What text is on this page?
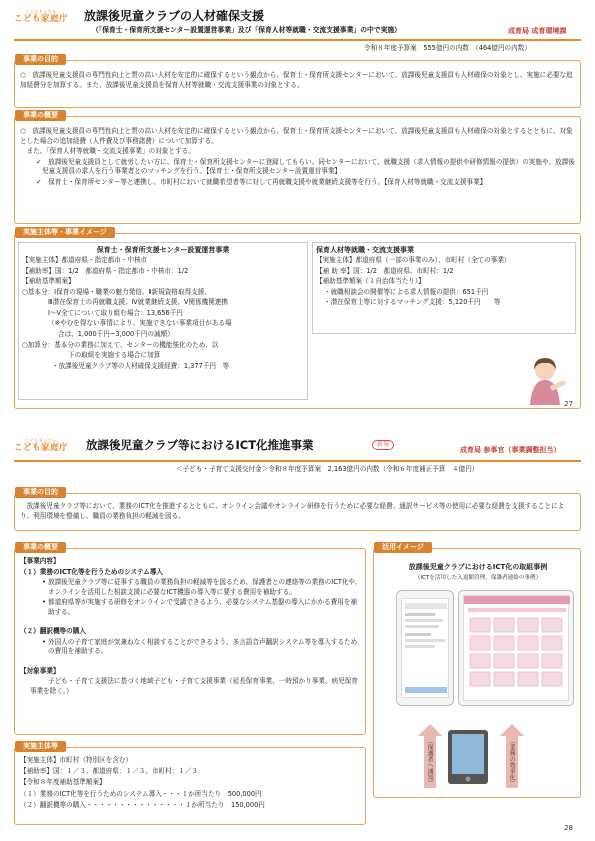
こどもまんなか
こども家庭庁 放課後児童クラブの人材確保支援
（「保育士・保育所支援センター設置運営事業」及び「保育人材等就職・交流支援事業」の中で実施）	成育局 成育環境課
令和８年度予算案　555億円の内数　（464億円の内数）
事業の目的
○　放課後児童支援員の専門性向上と質の高い人材を安定的に確保するという観点から、保育士・保育所支援センターにおいて、放課後児童支援員も人材確保の対象とし、実施に必要な追加経費分を加算する。また、放課後児童支援員を保育人材等就職・交流支援事業の対象とする。
事業の概要

○　放課後児童支援員の専門性向上と質の高い人材を安定的に確保するという観点から、保育士・保育所支援センターにおいて、放課後児童支援員も人材確保の対象とするとともに、対象とした場合の追加経費（人件費及び事務諸費）について加算する。

　また、「保育人材等就職・交流支援事業」の対象とする。

✓　放課後児童支援員として就労したい方に、保育士・保育所支援センターに登録してもらい、同センターにおいて、就職支援（求人情報の提供や研修情報の提供）の実施や、放課後児童支援員の求人を行う事業者とのマッチングを行う。【保育士・保育所支援センター設置運営事業】

✓　保育士・保育所センター等と連携し、市町村において就職希望者等に対して再就職支援や就業継続支援等を行う。【保育人材等就職・交流支援事業】

実施主体等・事業イメージ
保育士・保育所支援センター設置運営事業

【実施主体】都道府県・指定都市・中核市

【補助率】国：1/2　都道府県・指定都市・中核市：1/2

【補助基準額案】

○基本分：Ⅰ保育の現場・職業の魅力発信、Ⅱ新規資格取得支援、

Ⅲ潜在保育士の再就職支援、Ⅳ就業継続支援、Ⅴ関係機関連携

Ⅰ～Ⅴ全てについて取り組む場合：13,656千円

（※やむを得ない事情により、実施できない事業項目がある場

合は、1,000千円~3,000千円の減額）

○加算分：基本分の業務に加えて、センターの機能強化のため、以

下の取組を実施する場合に加算

・放課後児童クラブ等の人材確保支援経費：1,377千円　等

保育人材等就職・交流支援事業

【実施主体】都道府県（一部の事業のみ）、市町村（全ての事業）

【補 助 率】国：1/2　都道府県、市町村：1/2

【補助基準額案（１自治体当たり）】

・就職相談会の開催等による求人情報の提供：651千円

・潜在保育士等に対するマッチング支援：5,120千円　　等

27
こどもまんなか
こども家庭庁 放課後児童クラブ等におけるICT化推進事業	新規
成育局 参事官（事業調整担当）
＜子ども・子育て支援交付金＞令和８年度予算案　2,163億円の内数（令和６年度補正予算　４億円）
事業の目的
　放課後児童クラブ等において、業務のICT化を推進するとともに、オンライン会議やオンライン研修を行うために必要な経費、通訳サービス等の使用に必要な経費を支援することにより、利用環境を整備し、職員の業務負担の軽減を図る。
事業の概要

【事業内容】

（１）業務のICT化等を行うためのシステム導入

• 放課後児童クラブ等に従事する職員の業務負担の軽減等を図るため、保護者との連絡等の業務のICT化や、オンラインを活用した相談支援に必要なICT機器の導入等に要する費用を補助する。

• 都道府県等が実施する研修をオンラインで受講できるよう、必要なシステム基盤の導入にかかる費用を補助する。

（２）翻訳機等の購入

• 外国人の子育て家庭が気兼ねなく相談することができるよう、多言語音声翻訳システム等を導入するための費用を補助する。

【対象事業】

子ども・子育て支援法に基づく地域子ども・子育て支援事業（延長保育事業、一時預かり事業、病児保育事業を除く。）

活用イメージ
放課後児童クラブにおけるICT化の取組事例
（ICTを活用した入退館管理、保護者連絡の事例）
（保護者へ通知）	（業務の効率化）
実施主体等

【実施主体】市町村（特別区を含む）

【補助率】国：１／３、都道府県：１／３、市町村：１／３

【令和８年度補助基準額案】

（１）業務のICT化等を行うためのシステム導入・・・１か所当たり　500,000円

（２）翻訳機等の購入・・・・・・・・・・・・・・・１か所当たり　150,000円

28
